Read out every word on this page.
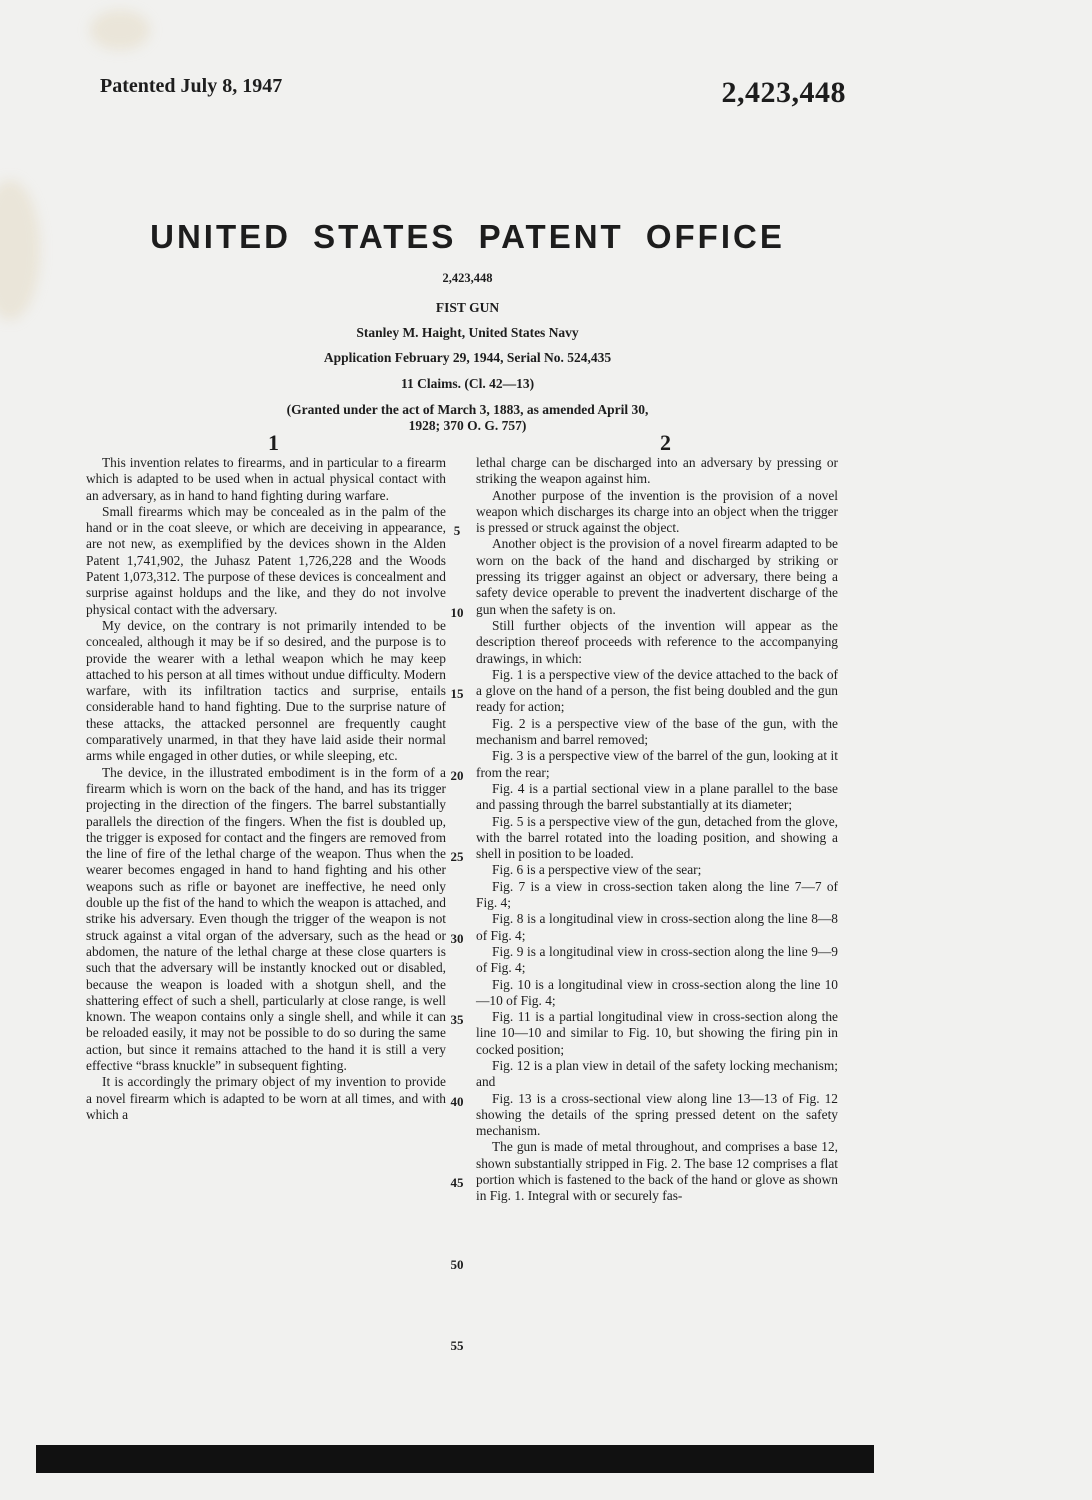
Patented July 8, 1947	2,423,448
UNITED STATES PATENT OFFICE
2,423,448
FIST GUN
Stanley M. Haight, United States Navy
Application February 29, 1944, Serial No. 524,435
11 Claims. (Cl. 42—13)
(Granted under the act of March 3, 1883, as amended April 30, 1928; 370 O. G. 757)
1	2

This invention relates to firearms, and in particular to a firearm which is adapted to be used when in actual physical contact with an adversary, as in hand to hand fighting during warfare.

Small firearms which may be concealed as in the palm of the hand or in the coat sleeve, or which are deceiving in appearance, are not new, as exemplified by the devices shown in the Alden Patent 1,741,902, the Juhasz Patent 1,726,228 and the Woods Patent 1,073,312. The purpose of these devices is concealment and surprise against holdups and the like, and they do not involve physical contact with the adversary.

My device, on the contrary is not primarily intended to be concealed, although it may be if so desired, and the purpose is to provide the wearer with a lethal weapon which he may keep attached to his person at all times without undue difficulty. Modern warfare, with its infiltration tactics and surprise, entails considerable hand to hand fighting. Due to the surprise nature of these attacks, the attacked personnel are frequently caught comparatively unarmed, in that they have laid aside their normal arms while engaged in other duties, or while sleeping, etc.

The device, in the illustrated embodiment is in the form of a firearm which is worn on the back of the hand, and has its trigger projecting in the direction of the fingers. The barrel substantially parallels the direction of the fingers. When the fist is doubled up, the trigger is exposed for contact and the fingers are removed from the line of fire of the lethal charge of the weapon. Thus when the wearer becomes engaged in hand to hand fighting and his other weapons such as rifle or bayonet are ineffective, he need only double up the fist of the hand to which the weapon is attached, and strike his adversary. Even though the trigger of the weapon is not struck against a vital organ of the adversary, such as the head or abdomen, the nature of the lethal charge at these close quarters is such that the adversary will be instantly knocked out or disabled, because the weapon is loaded with a shotgun shell, and the shattering effect of such a shell, particularly at close range, is well known. The weapon contains only a single shell, and while it can be reloaded easily, it may not be possible to do so during the same action, but since it remains attached to the hand it is still a very effective “brass knuckle” in subsequent fighting.

It is accordingly the primary object of my invention to provide a novel firearm which is adapted to be worn at all times, and with which a

lethal charge can be discharged into an adversary by pressing or striking the weapon against him.

Another purpose of the invention is the provision of a novel weapon which discharges its charge into an object when the trigger is pressed or struck against the object.

Another object is the provision of a novel firearm adapted to be worn on the back of the hand and discharged by striking or pressing its trigger against an object or adversary, there being a safety device operable to prevent the inadvertent discharge of the gun when the safety is on.

Still further objects of the invention will appear as the description thereof proceeds with reference to the accompanying drawings, in which:

Fig. 1 is a perspective view of the device attached to the back of a glove on the hand of a person, the fist being doubled and the gun ready for action;

Fig. 2 is a perspective view of the base of the gun, with the mechanism and barrel removed;

Fig. 3 is a perspective view of the barrel of the gun, looking at it from the rear;

Fig. 4 is a partial sectional view in a plane parallel to the base and passing through the barrel substantially at its diameter;

Fig. 5 is a perspective view of the gun, detached from the glove, with the barrel rotated into the loading position, and showing a shell in position to be loaded.

Fig. 6 is a perspective view of the sear;

Fig. 7 is a view in cross-section taken along the line 7—7 of Fig. 4;

Fig. 8 is a longitudinal view in cross-section along the line 8—8 of Fig. 4;

Fig. 9 is a longitudinal view in cross-section along the line 9—9 of Fig. 4;

Fig. 10 is a longitudinal view in cross-section along the line 10—10 of Fig. 4;

Fig. 11 is a partial longitudinal view in cross-section along the line 10—10 and similar to Fig. 10, but showing the firing pin in cocked position;

Fig. 12 is a plan view in detail of the safety locking mechanism; and

Fig. 13 is a cross-sectional view along line 13—13 of Fig. 12 showing the details of the spring pressed detent on the safety mechanism.

The gun is made of metal throughout, and comprises a base 12, shown substantially stripped in Fig. 2. The base 12 comprises a flat portion which is fastened to the back of the hand or glove as shown in Fig. 1. Integral with or securely fas-

5
10
15
20
25
30
35
40
45
50
55
